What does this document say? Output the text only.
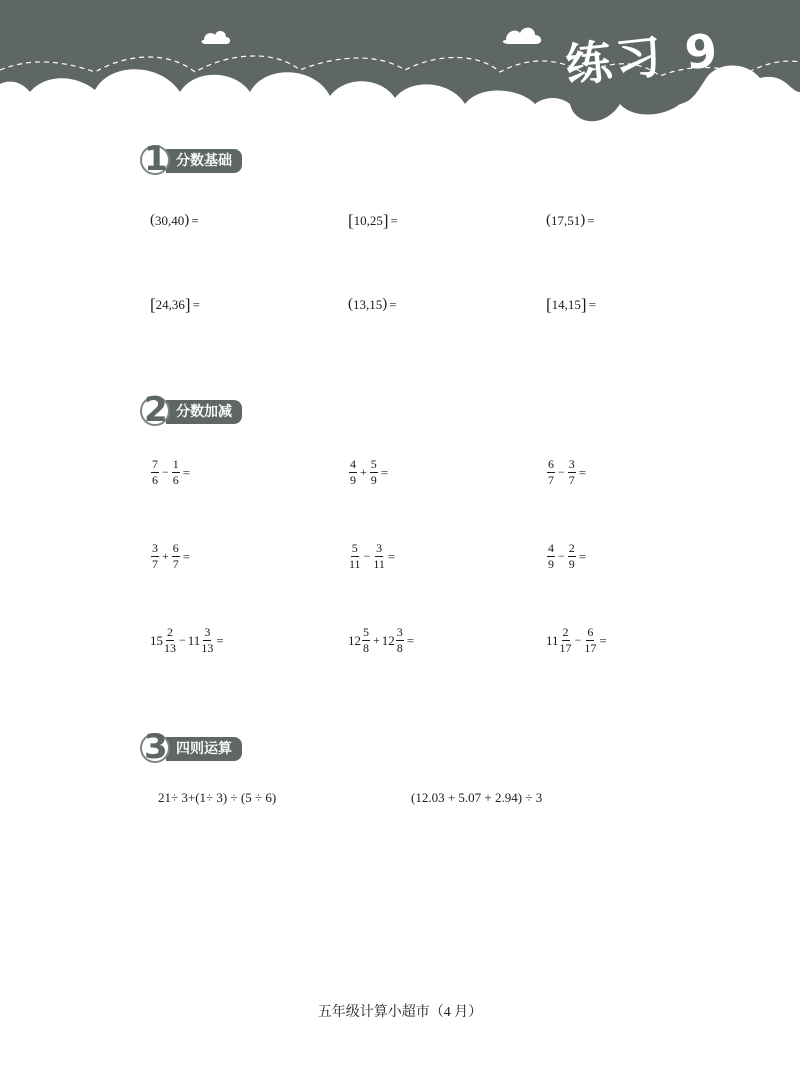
练习 9
分数基础
1
( 30 , 40 ) =	[ 10 , 25 ] =	( 17 , 51 ) =
[ 24 , 36 ] =	( 13 , 15 ) =	[ 14 , 15 ] =
分数加减
2
$\frac{7}{6} - \frac{1}{6}$ =	$\frac{4}{9} + \frac{5}{9}$ =	$\frac{6}{7} - \frac{3}{7}$ =
$\frac{3}{7} + \frac{6}{7}$ =	$\frac{5}{11} - \frac{3}{11}$ =	$\frac{4}{9} - \frac{2}{9}$ =
$15 \frac{2}{13} - 11 \frac{3}{13}$ =	$12 \frac{5}{8} + 12 \frac{3}{8}$ =	$11 \frac{2}{17} - \frac{6}{17}$ =
四则运算
3
21÷ 3+(1÷ 3) ÷ (5 ÷ 6)	(12.03 + 5.07 + 2.94) ÷ 3
五年级计算小超市（4 月）
